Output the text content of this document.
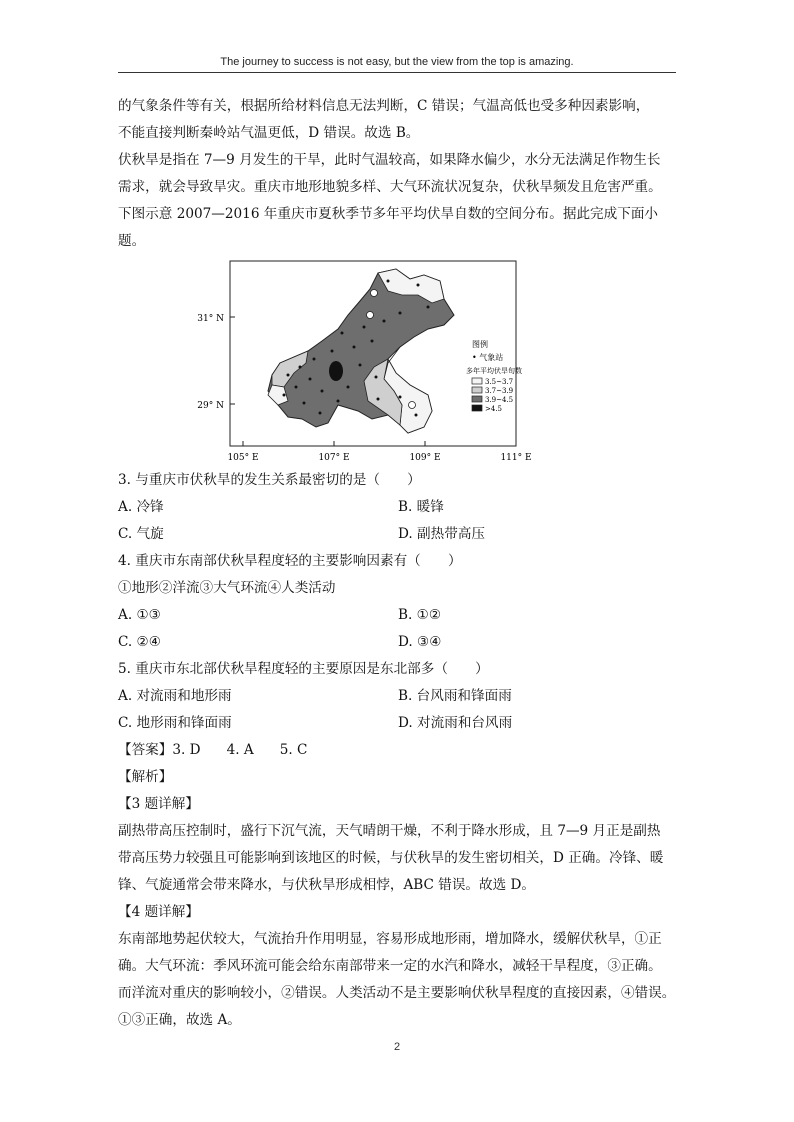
The journey to success is not easy, but the view from the top is amazing.

的气象条件等有关，根据所给材料信息无法判断，C 错误；气温高低也受多种因素影响，

不能直接判断秦岭站气温更低，D 错误。故选 B。

伏秋旱是指在 7—9 月发生的干旱，此时气温较高，如果降水偏少，水分无法满足作物生长

需求，就会导致旱灾。重庆市地形地貌多样、大气环流状况复杂，伏秋旱频发且危害严重。

下图示意 2007—2016 年重庆市夏秋季节多年平均伏旱自数的空间分布。据此完成下面小题。

31° N
29° N
105° E	107° E	109° E	111° E
图例
• 气象站
多年平均伏旱旬数
3.5~3.7
3.7~3.9
3.9~4.5
>4.5

3. 与重庆市伏秋旱的发生关系最密切的是（　　）

A. 冷锋	B. 暖锋
C. 气旋	D. 副热带高压

4. 重庆市东南部伏秋旱程度轻的主要影响因素有（　　）

①地形②洋流③大气环流④人类活动

A. ①③	B. ①②
C. ②④	D. ③④

5. 重庆市东北部伏秋旱程度轻的主要原因是东北部多（　　）

A. 对流雨和地形雨	B. 台风雨和锋面雨
C. 地形雨和锋面雨	D. 对流雨和台风雨

【答案】3. D 4. A 5. C

【解析】

【3 题详解】

副热带高压控制时，盛行下沉气流，天气晴朗干燥，不利于降水形成，且 7—9 月正是副热

带高压势力较强且可能影响到该地区的时候，与伏秋旱的发生密切相关，D 正确。冷锋、暖

锋、气旋通常会带来降水，与伏秋旱形成相悖，ABC 错误。故选 D。

【4 题详解】

东南部地势起伏较大，气流抬升作用明显，容易形成地形雨，增加降水，缓解伏秋旱，①正

确。大气环流：季风环流可能会给东南部带来一定的水汽和降水，减轻干旱程度，③正确。

而洋流对重庆的影响较小，②错误。人类活动不是主要影响伏秋旱程度的直接因素，④错误。

①③正确，故选 A。

2
